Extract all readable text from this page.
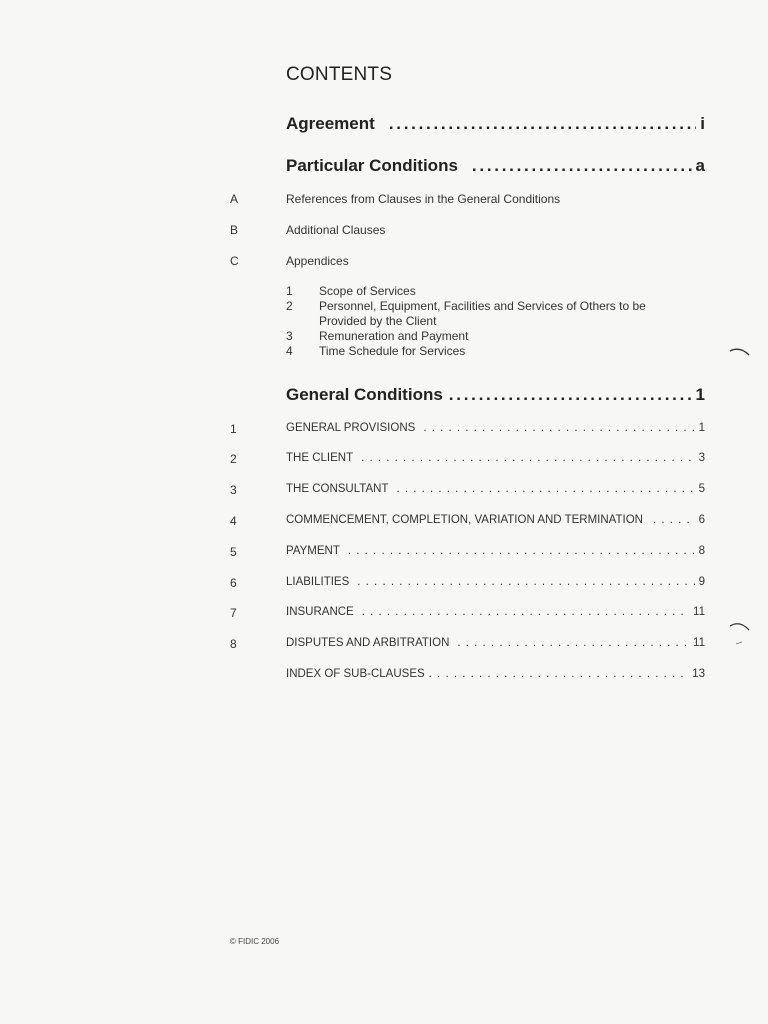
CONTENTS
Agreement . . .	i
Particular Conditions . . .	a
A	References from Clauses in the General Conditions
B	Additional Clauses
C	Appendices
1	Scope of Services
2	Personnel, Equipment, Facilities and Services of Others to be Provided by the Client
3	Remuneration and Payment
4	Time Schedule for Services
General Conditions . . .	1
1	GENERAL PROVISIONS . . .	1
2	THE CLIENT . . .	3
3	THE CONSULTANT . . .	5
4	COMMENCEMENT, COMPLETION, VARIATION AND TERMINATION . . .	6
5	PAYMENT . . .	8
6	LIABILITIES . . .	9
7	INSURANCE . . .	11
8	DISPUTES AND ARBITRATION . . .	11
INDEX OF SUB-CLAUSES . . .	13
© FIDIC 2006
